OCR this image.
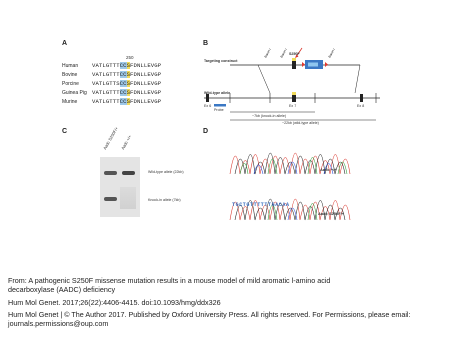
A	B
C	D
250
Human VATLGTTTCCSFDNLLEVGP
Bovine	VATLGTTTCCSFDNLLEVGP
Porcine VATLGTTSCCSFDNLLEVGP
Guinea Pig VATLGTTTCCSFDNLLEVGP
Murine	VATLGTTTCCSFDNLLEVGP
BamH I	BamH I	BamH I
Targeting construct
Wild-type allele
S250F
Ex 6	Ex 7	Ex 8
Probe
~7kb (knock-in allele)
~22kb (wild-type allele)
Aadc S250F/+ Aadc +/+
Wild-type allele (22kb)
Knock-in allele (7kb)
Aadc +/+
Aadc S250F/+
TGCTGTTTTTTGACAA
From: A pathogenic S250F missense mutation results in a mouse model of mild aromatic l-amino acid
decarboxylase (AADC) deficiency
Hum Mol Genet. 2017;26(22):4406-4415. doi:10.1093/hmg/ddx326
Hum Mol Genet | © The Author 2017. Published by Oxford University Press. All rights reserved. For Permissions, please email:
journals.permissions@oup.com
